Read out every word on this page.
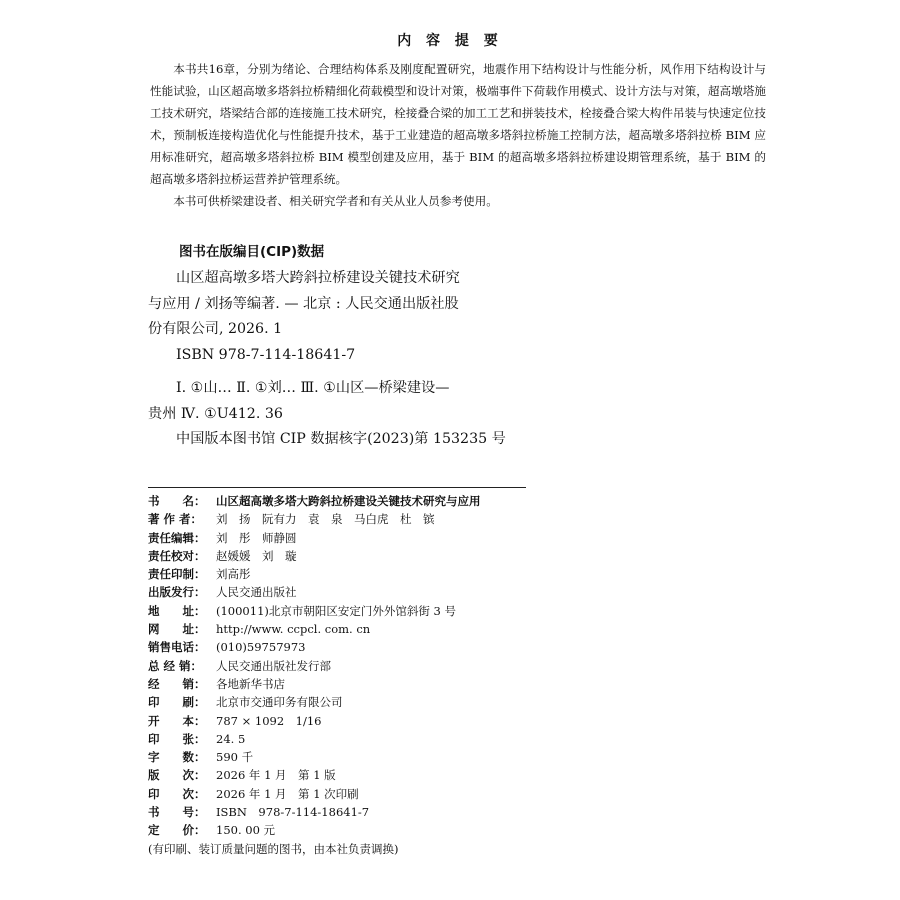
内 容 提 要

本书共16章，分别为绪论、合理结构体系及刚度配置研究，地震作用下结构设计与性能分析，风作用下结构设计与性能试验，山区超高墩多塔斜拉桥精细化荷载模型和设计对策，极端事件下荷载作用模式、设计方法与对策，超高墩塔施工技术研究，塔梁结合部的连接施工技术研究，栓接叠合梁的加工工艺和拼装技术，栓接叠合梁大构件吊装与快速定位技术，预制板连接构造优化与性能提升技术，基于工业建造的超高墩多塔斜拉桥施工控制方法，超高墩多塔斜拉桥 BIM 应用标准研究，超高墩多塔斜拉桥 BIM 模型创建及应用，基于 BIM 的超高墩多塔斜拉桥建设期管理系统，基于 BIM 的超高墩多塔斜拉桥运营养护管理系统。

本书可供桥梁建设者、相关研究学者和有关从业人员参考使用。

图书在版编目(CIP)数据
山区超高墩多塔大跨斜拉桥建设关键技术研究
与应用 / 刘扬等编著. — 北京 : 人民交通出版社股
份有限公司, 2026. 1
ISBN 978-7-114-18641-7
Ⅰ. ①山… Ⅱ. ①刘… Ⅲ. ①山区—桥梁建设—
贵州 Ⅳ. ①U412. 36
中国版本图书馆 CIP 数据核字(2023)第 153235 号
书　　名： 山区超高墩多塔大跨斜拉桥建设关键技术研究与应用
著 作 者：	刘　扬　阮有力　袁　泉　马白虎　杜　镔
责任编辑： 刘　彤　师静圆
责任校对： 赵媛媛　刘　璇
责任印制： 刘高彤
出版发行： 人民交通出版社
地　　址： (100011)北京市朝阳区安定门外外馆斜街 3 号
网　　址： http://www. ccpcl. com. cn
销售电话： (010)59757973
总 经 销：	人民交通出版社发行部
经　　销： 各地新华书店
印　　刷： 北京市交通印务有限公司
开　　本： 787 × 1092　1/16
印　　张： 24. 5
字　　数： 590 千
版　　次： 2026 年 1 月　第 1 版
印　　次： 2026 年 1 月　第 1 次印刷
书　　号： ISBN　978-7-114-18641-7
定　　价： 150. 00 元
(有印刷、装订质量问题的图书，由本社负责调换)
